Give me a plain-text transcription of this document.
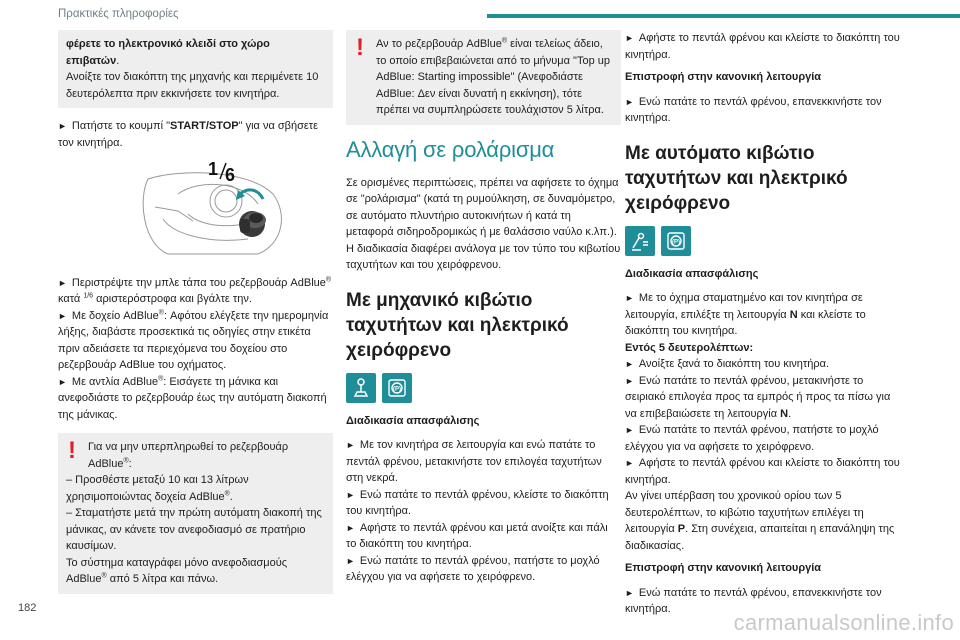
Πρακτικές πληροφορίες

φέρετε το ηλεκτρονικό κλειδί στο χώρο επιβατών.

Ανοίξτε τον διακόπτη της μηχανής και περιμένετε 10 δευτερόλεπτα πριν εκκινήσετε τον κινητήρα.

► Πατήστε το κουμπί "START/STOP" για να σβήσετε τον κινητήρα.

1 6

► Περιστρέψτε την μπλε τάπα του ρεζερβουάρ AdBlue® κατά $^{1/6}$ αριστερόστροφα και βγάλτε την.

► Με δοχείο AdBlue®: Αφότου ελέγξετε την ημερομηνία λήξης, διαβάστε προσεκτικά τις οδηγίες στην ετικέτα πριν αδειάσετε τα περιεχόμενα του δοχείου στο ρεζερβουάρ AdBlue του οχήματος.

► Με αντλία AdBlue®: Εισάγετε τη μάνικα και ανεφοδιάστε το ρεζερβουάρ έως την αυτόματη διακοπή της μάνικας.

! Για να μην υπερπληρωθεί το ρεζερβουάρ AdBlue®:

– Προσθέστε μεταξύ 10 και 13 λίτρων χρησιμοποιώντας δοχεία AdBlue®.

– Σταματήστε μετά την πρώτη αυτόματη διακοπή της μάνικας, αν κάνετε τον ανεφοδιασμό σε πρατήριο καυσίμων.

Το σύστημα καταγράφει μόνο ανεφοδιασμούς AdBlue® από 5 λίτρα και πάνω.

! Αν το ρεζερβουάρ AdBlue® είναι τελείως άδειο, το οποίο επιβεβαιώνεται από το μήνυμα "Top up AdBlue: Starting impossible" (Ανεφοδιάστε AdBlue: Δεν είναι δυνατή η εκκίνηση), τότε πρέπει να συμπληρώσετε τουλάχιστον 5 λίτρα.

Αλλαγή σε ρολάρισμα

Σε ορισμένες περιπτώσεις, πρέπει να αφήσετε το όχημα σε "ρολάρισμα" (κατά τη ρυμούλκηση, σε δυναμόμετρο, σε αυτόματο πλυντήριο αυτοκινήτων ή κατά τη μεταφορά σιδηροδρομικώς ή με θαλάσσιο ναύλο κ.λπ.).

Η διαδικασία διαφέρει ανάλογα με τον τύπο του κιβωτίου ταχυτήτων και του χειρόφρενου.

Με μηχανικό κιβώτιο ταχυτήτων και ηλεκτρικό χειρόφρενο
(P)
Διαδικασία απασφάλισης

► Με τον κινητήρα σε λειτουργία και ενώ πατάτε το πεντάλ φρένου, μετακινήστε τον επιλογέα ταχυτήτων στη νεκρά.

► Ενώ πατάτε το πεντάλ φρένου, κλείστε το διακόπτη του κινητήρα.

► Αφήστε το πεντάλ φρένου και μετά ανοίξτε και πάλι το διακόπτη του κινητήρα.

► Ενώ πατάτε το πεντάλ φρένου, πατήστε το μοχλό ελέγχου για να αφήσετε το χειρόφρενο.

► Αφήστε το πεντάλ φρένου και κλείστε το διακόπτη του κινητήρα.

Επιστροφή στην κανονική λειτουργία

► Ενώ πατάτε το πεντάλ φρένου, επανεκκινήστε τον κινητήρα.

Με αυτόματο κιβώτιο ταχυτήτων και ηλεκτρικό χειρόφρενο
(P)
Διαδικασία απασφάλισης

► Με το όχημα σταματημένο και τον κινητήρα σε λειτουργία, επιλέξτε τη λειτουργία N και κλείστε το διακόπτη του κινητήρα.

Εντός 5 δευτερολέπτων:

► Ανοίξτε ξανά το διακόπτη του κινητήρα.

► Ενώ πατάτε το πεντάλ φρένου, μετακινήστε το σειριακό επιλογέα προς τα εμπρός ή προς τα πίσω για να επιβεβαιώσετε τη λειτουργία N.

► Ενώ πατάτε το πεντάλ φρένου, πατήστε το μοχλό ελέγχου για να αφήσετε το χειρόφρενο.

► Αφήστε το πεντάλ φρένου και κλείστε το διακόπτη του κινητήρα.

Αν γίνει υπέρβαση του χρονικού ορίου των 5 δευτερολέπτων, το κιβώτιο ταχυτήτων επιλέγει τη λειτουργία P. Στη συνέχεια, απαιτείται η επανάληψη της διαδικασίας.

Επιστροφή στην κανονική λειτουργία

► Ενώ πατάτε το πεντάλ φρένου, επανεκκινήστε τον κινητήρα.

182
carmanualsonline.info
